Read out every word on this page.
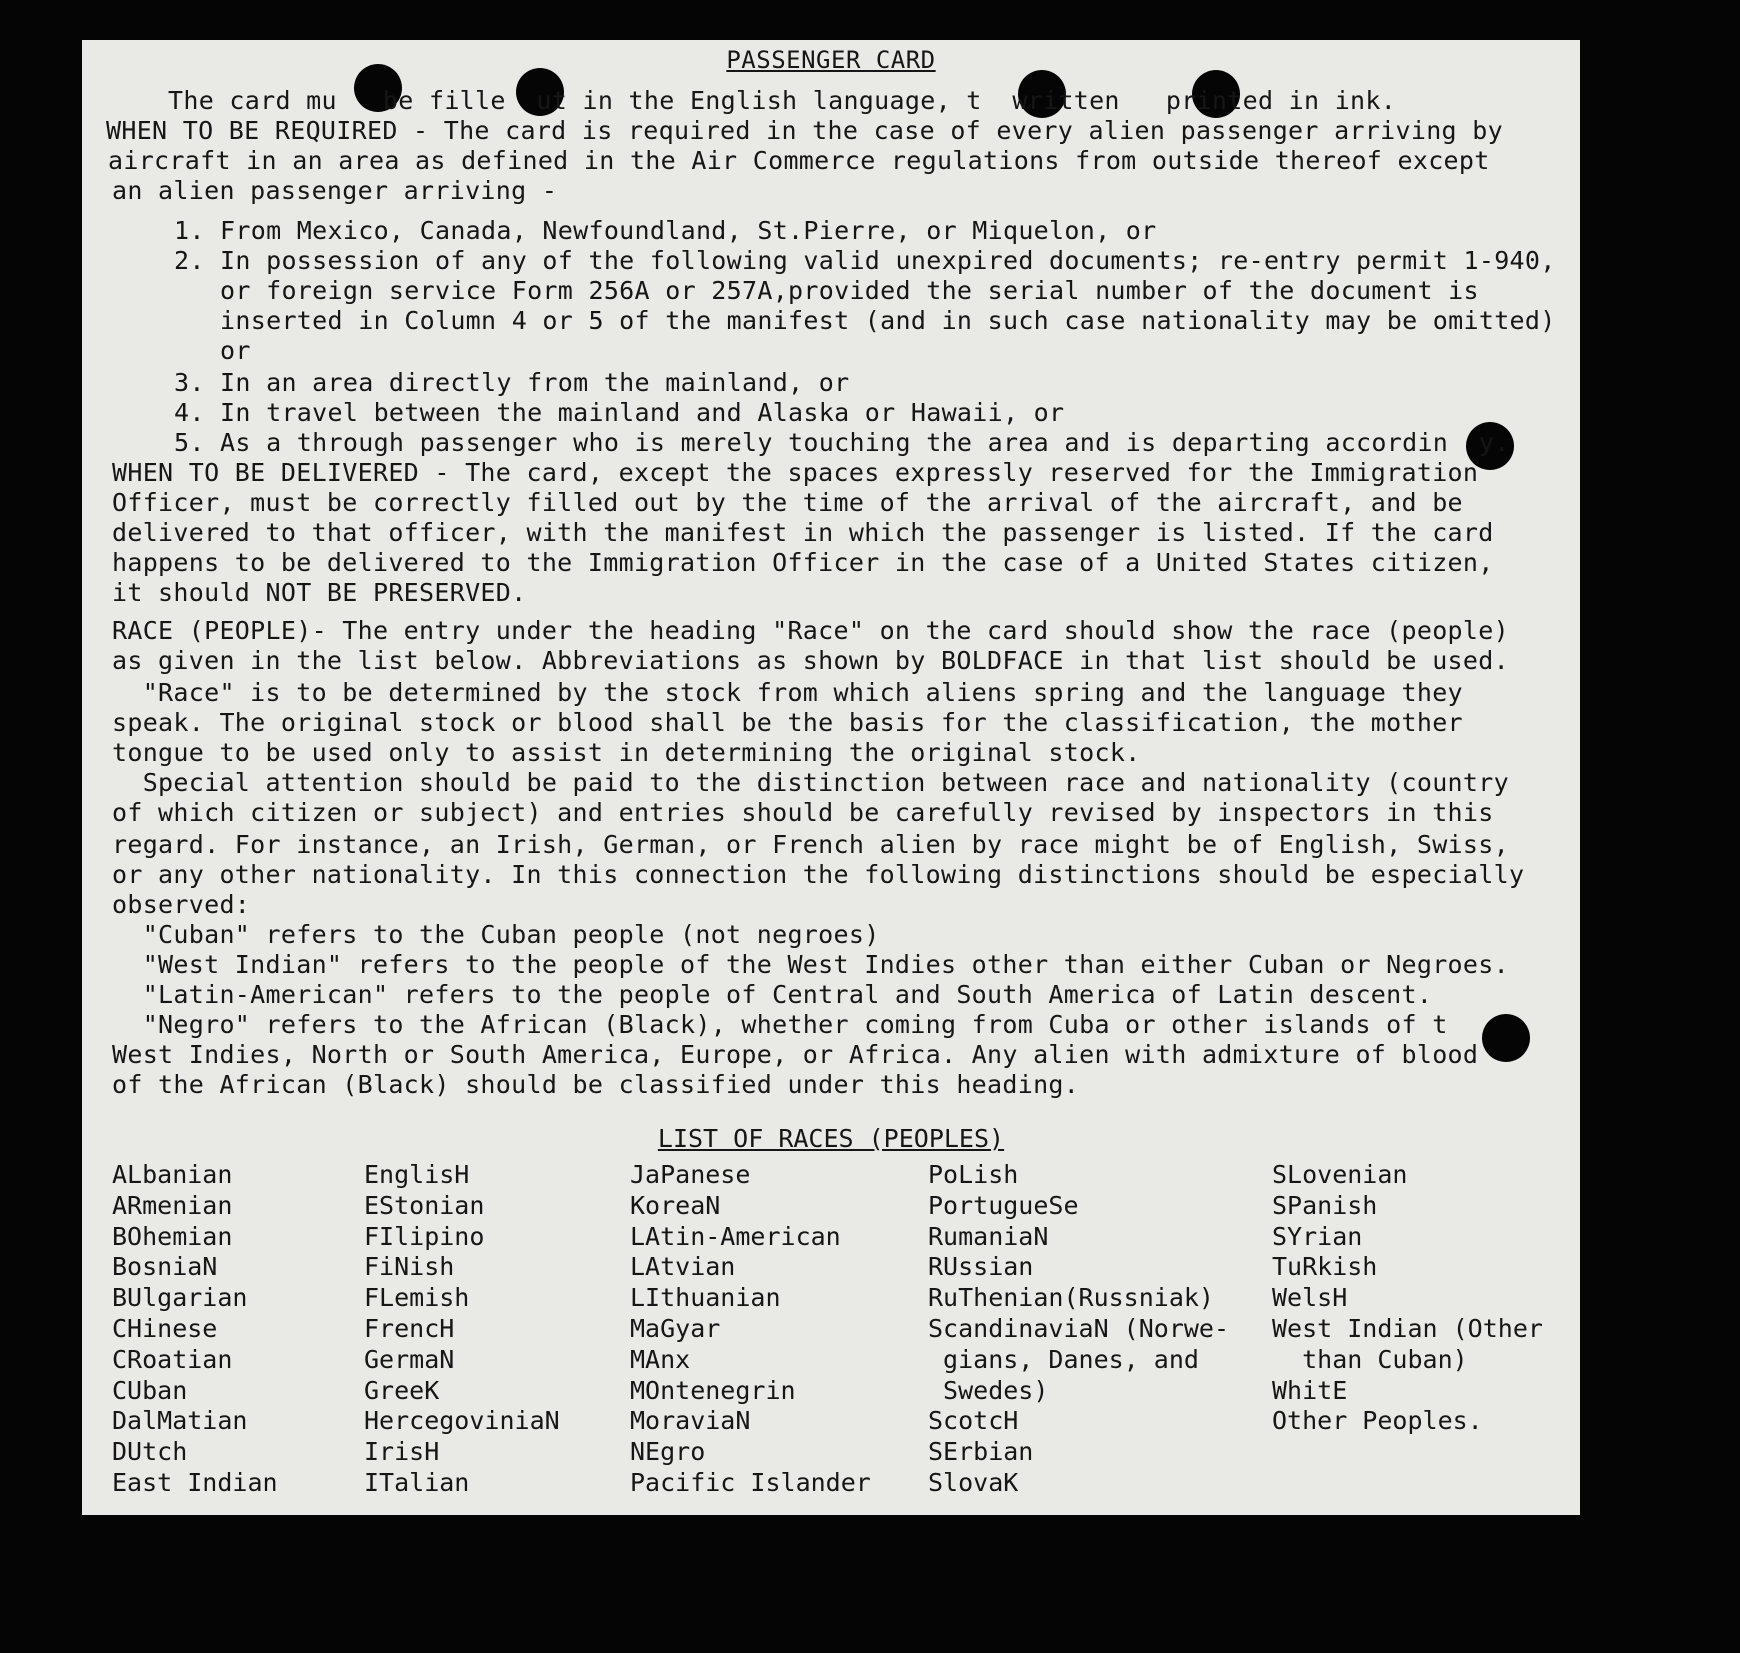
PASSENGER CARD
The card mu   be fille  ut in the English language, t  written   printed in ink.
WHEN TO BE REQUIRED - The card is required in the case of every alien passenger arriving by
aircraft in an area as defined in the Air Commerce regulations from outside thereof except
an alien passenger arriving -
1. From Mexico, Canada, Newfoundland, St.Pierre, or Miquelon, or
2. In possession of any of the following valid unexpired documents; re-entry permit 1-940,
or foreign service Form 256A or 257A,provided the serial number of the document is
inserted in Column 4 or 5 of the manifest (and in such case nationality may be omitted)
or
3. In an area directly from the mainland, or
4. In travel between the mainland and Alaska or Hawaii, or
5. As a through passenger who is merely touching the area and is departing accordin  y.
WHEN TO BE DELIVERED - The card, except the spaces expressly reserved for the Immigration
Officer, must be correctly filled out by the time of the arrival of the aircraft, and be
delivered to that officer, with the manifest in which the passenger is listed. If the card
happens to be delivered to the Immigration Officer in the case of a United States citizen,
it should NOT BE PRESERVED.
RACE (PEOPLE)- The entry under the heading "Race" on the card should show the race (people)
as given in the list below. Abbreviations as shown by BOLDFACE in that list should be used.
"Race" is to be determined by the stock from which aliens spring and the language they
speak. The original stock or blood shall be the basis for the classification, the mother
tongue to be used only to assist in determining the original stock.
Special attention should be paid to the distinction between race and nationality (country
of which citizen or subject) and entries should be carefully revised by inspectors in this
regard. For instance, an Irish, German, or French alien by race might be of English, Swiss,
or any other nationality. In this connection the following distinctions should be especially
observed:
"Cuban" refers to the Cuban people (not negroes)
"West Indian" refers to the people of the West Indies other than either Cuban or Negroes.
"Latin-American" refers to the people of Central and South America of Latin descent.
"Negro" refers to the African (Black), whether coming from Cuba or other islands of t
West Indies, North or South America, Europe, or Africa. Any alien with admixture of blood
of the African (Black) should be classified under this heading.
LIST OF RACES (PEOPLES)
ALbanian
ARmenian
BOhemian
BosniaN
BUlgarian
CHinese
CRoatian
CUban
DalMatian
DUtch
East Indian
EnglisH
EStonian
FIlipino
FiNish
FLemish
FrencH
GermaN
GreeK
HercegoviniaN
IrisH
ITalian
JaPanese
KoreaN
LAtin-American
LAtvian
LIthuanian
MaGyar
MAnx
MOntenegrin
MoraviaN
NEgro
Pacific Islander
PoLish
PortugueSe
RumaniaN
RUssian
RuThenian(Russniak)
ScandinaviaN (Norwe-
gians, Danes, and
Swedes)
ScotcH
SErbian
SlovaK
SLovenian
SPanish
SYrian
TuRkish
WelsH
West Indian (Other
than Cuban)
WhitE
Other Peoples.
